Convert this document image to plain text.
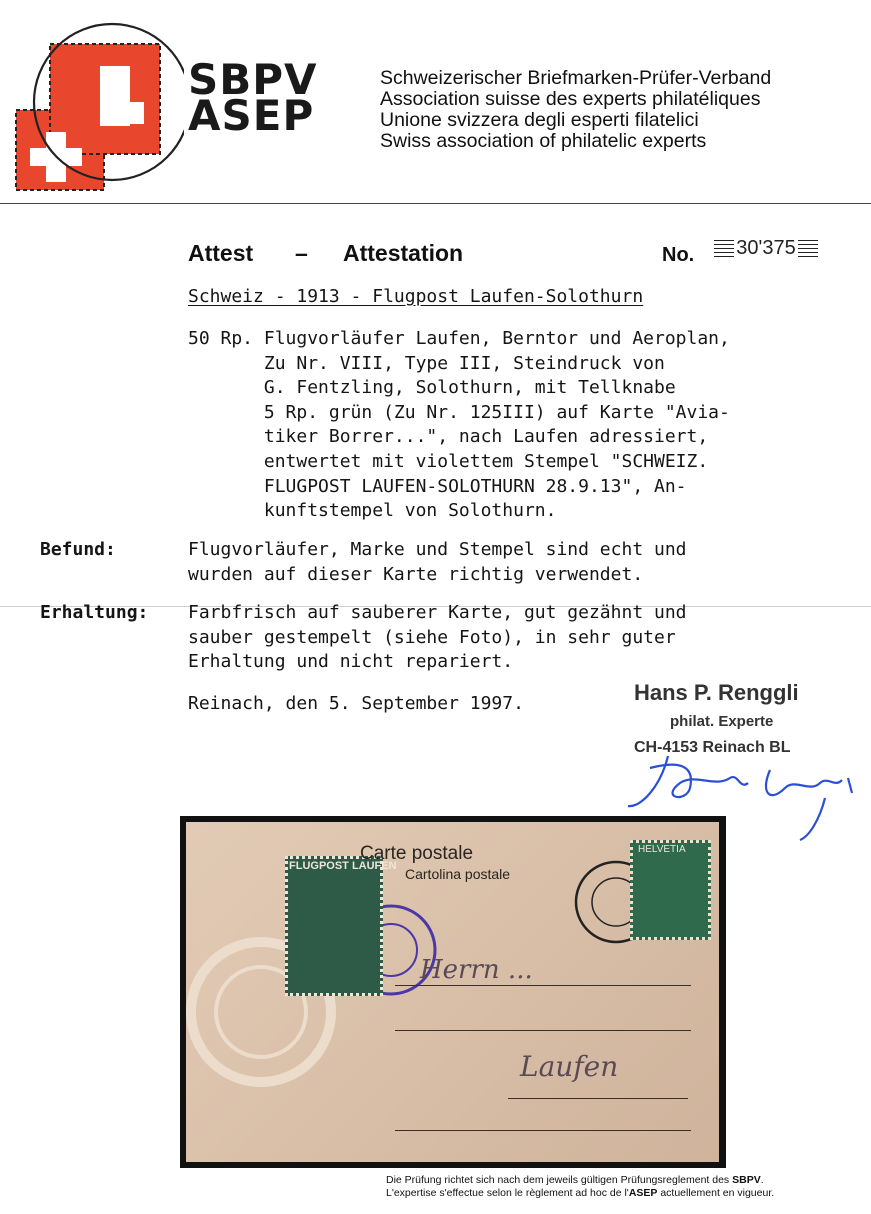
SBPV
ASEP
Schweizerischer Briefmarken-Prüfer-Verband
Association suisse des experts philatéliques
Unione svizzera degli esperti filatelici
Swiss association of philatelic experts
Attest – Attestation	No.	30'375
Schweiz - 1913 - Flugpost Laufen-Solothurn
50 Rp. Flugvorläufer Laufen, Berntor und Aeroplan,
Zu Nr. VIII, Type III, Steindruck von
G. Fentzling, Solothurn, mit Tellknabe
5 Rp. grün (Zu Nr. 125III) auf Karte "Avia-
tiker Borrer...", nach Laufen adressiert,
entwertet mit violettem Stempel "SCHWEIZ.
FLUGPOST LAUFEN-SOLOTHURN 28.9.13", An-
kunftstempel von Solothurn.
Befund:	Flugvorläufer, Marke und Stempel sind echt und
wurden auf dieser Karte richtig verwendet.
Erhaltung: Farbfrisch auf sauberer Karte, gut gezähnt und
sauber gestempelt (siehe Foto), in sehr guter
Erhaltung und nicht repariert.
Reinach, den 5. September 1997.	Hans P. Renggli
philat. Experte
CH-4153 Reinach BL
FLUGPOST LAUFEN
HELVETIA
Carte postale
Cartolina postale
Herrn ...
Laufen
Die Prüfung richtet sich nach dem jeweils gültigen Prüfungsreglement des SBPV.
L'expertise s'effectue selon le règlement ad hoc de l'ASEP actuellement en vigueur.
